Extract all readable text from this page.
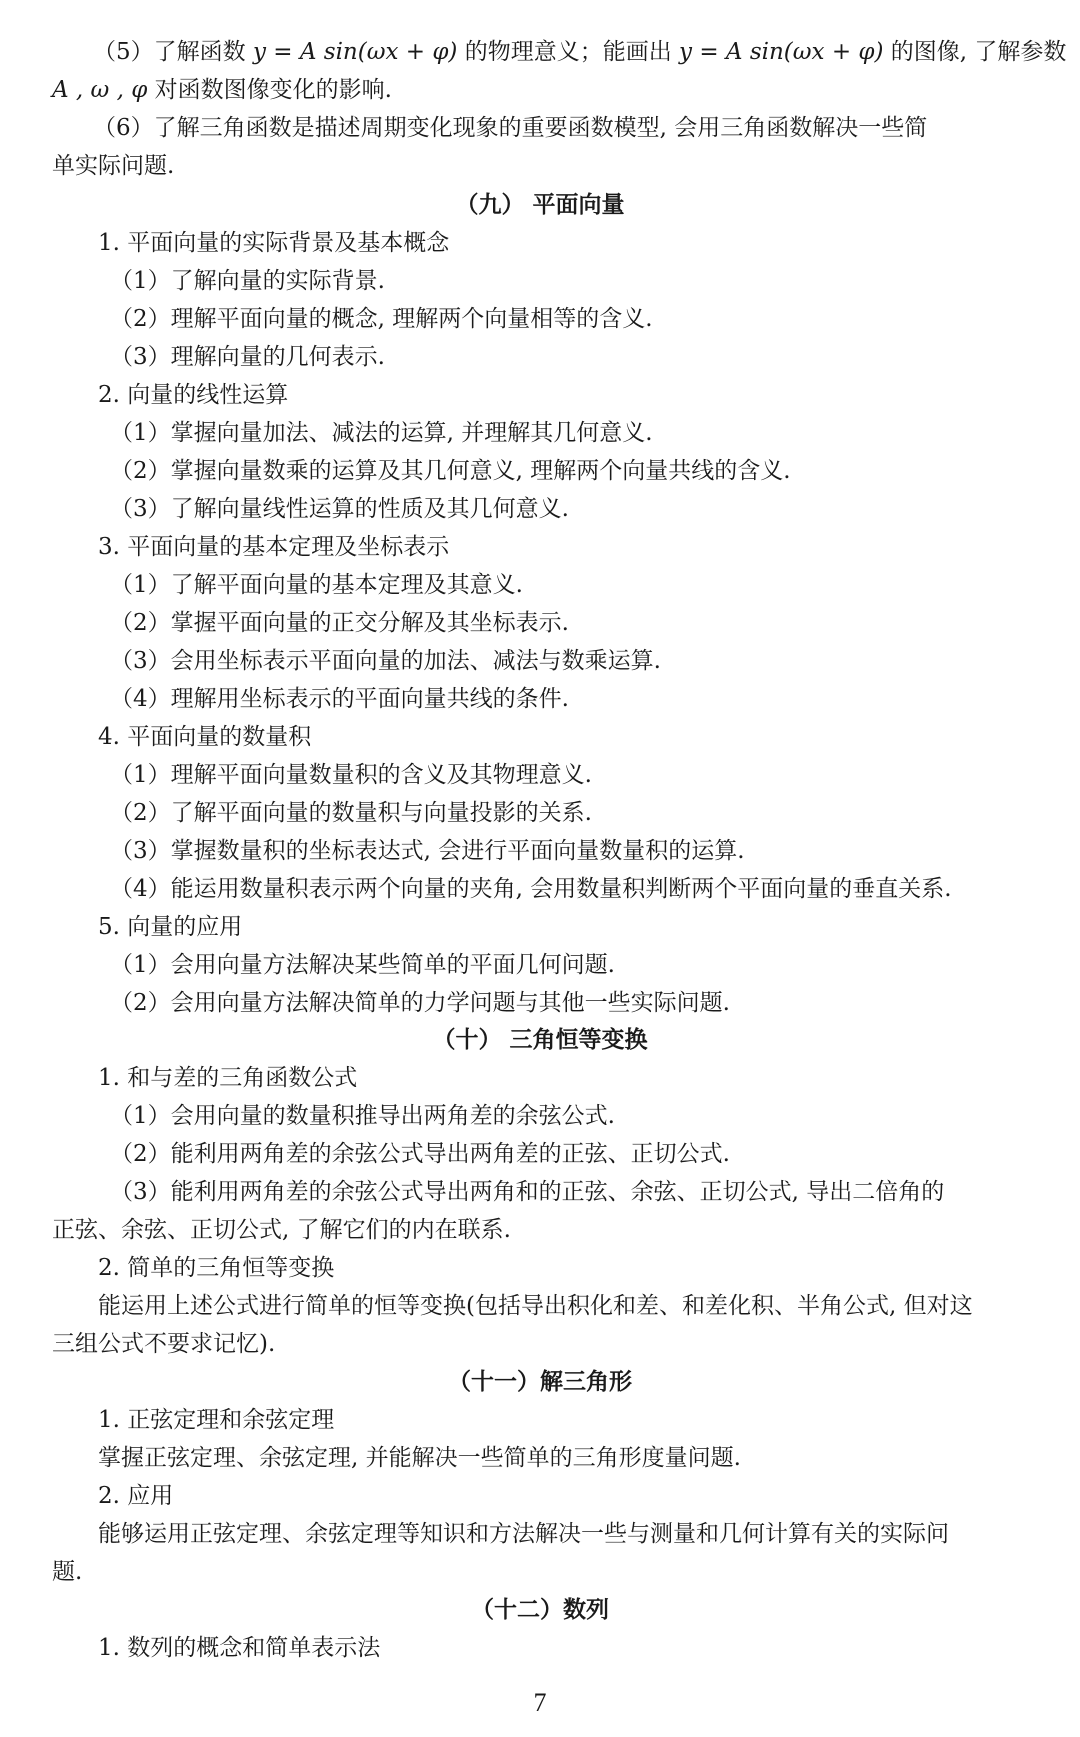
（5）了解函数 y = A sin(ωx + φ) 的物理意义；能画出 y = A sin(ωx + φ) 的图像, 了解参数
A , ω , φ 对函数图像变化的影响.
（6）了解三角函数是描述周期变化现象的重要函数模型, 会用三角函数解决一些简
单实际问题.
（九） 平面向量
1. 平面向量的实际背景及基本概念
（1）了解向量的实际背景.
（2）理解平面向量的概念, 理解两个向量相等的含义.
（3）理解向量的几何表示.
2. 向量的线性运算
（1）掌握向量加法、减法的运算, 并理解其几何意义.
（2）掌握向量数乘的运算及其几何意义, 理解两个向量共线的含义.
（3）了解向量线性运算的性质及其几何意义.
3. 平面向量的基本定理及坐标表示
（1）了解平面向量的基本定理及其意义.
（2）掌握平面向量的正交分解及其坐标表示.
（3）会用坐标表示平面向量的加法、减法与数乘运算.
（4）理解用坐标表示的平面向量共线的条件.
4. 平面向量的数量积
（1）理解平面向量数量积的含义及其物理意义.
（2）了解平面向量的数量积与向量投影的关系.
（3）掌握数量积的坐标表达式, 会进行平面向量数量积的运算.
（4）能运用数量积表示两个向量的夹角, 会用数量积判断两个平面向量的垂直关系.
5. 向量的应用
（1）会用向量方法解决某些简单的平面几何问题.
（2）会用向量方法解决简单的力学问题与其他一些实际问题.
（十） 三角恒等变换
1. 和与差的三角函数公式
（1）会用向量的数量积推导出两角差的余弦公式.
（2）能利用两角差的余弦公式导出两角差的正弦、正切公式.
（3）能利用两角差的余弦公式导出两角和的正弦、余弦、正切公式, 导出二倍角的
正弦、余弦、正切公式, 了解它们的内在联系.
2. 简单的三角恒等变换
能运用上述公式进行简单的恒等变换(包括导出积化和差、和差化积、半角公式, 但对这
三组公式不要求记忆).
（十一）解三角形
1. 正弦定理和余弦定理
掌握正弦定理、余弦定理, 并能解决一些简单的三角形度量问题.
2. 应用
能够运用正弦定理、余弦定理等知识和方法解决一些与测量和几何计算有关的实际问
题.
（十二）数列
1. 数列的概念和简单表示法
7
